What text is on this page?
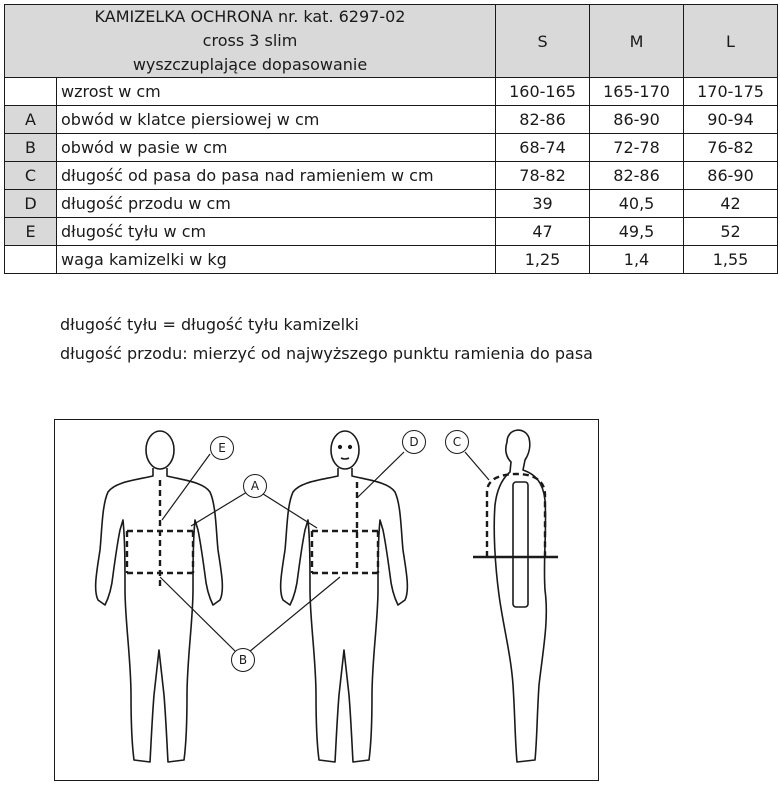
KAMIZELKA OCHRONA nr. kat. 6297-02
cross 3 slim
wyszczuplające dopasowanie		S	M	L
	wzrost w cm	160-165	165-170	170-175
A	obwód w klatce piersiowej w cm	82-86	86-90	90-94
B	obwód w pasie w cm	68-74	72-78	76-82
C	długość od pasa do pasa nad ramieniem w cm	78-82	82-86	86-90
D	długość przodu w cm	39	40,5	42
E	długość tyłu w cm	47	49,5	52
	waga kamizelki w kg	1,25	1,4	1,55
długość tyłu = długość tyłu kamizelki
długość przodu: mierzyć od najwyższego punktu ramienia do pasa
E
A
B
D	C
